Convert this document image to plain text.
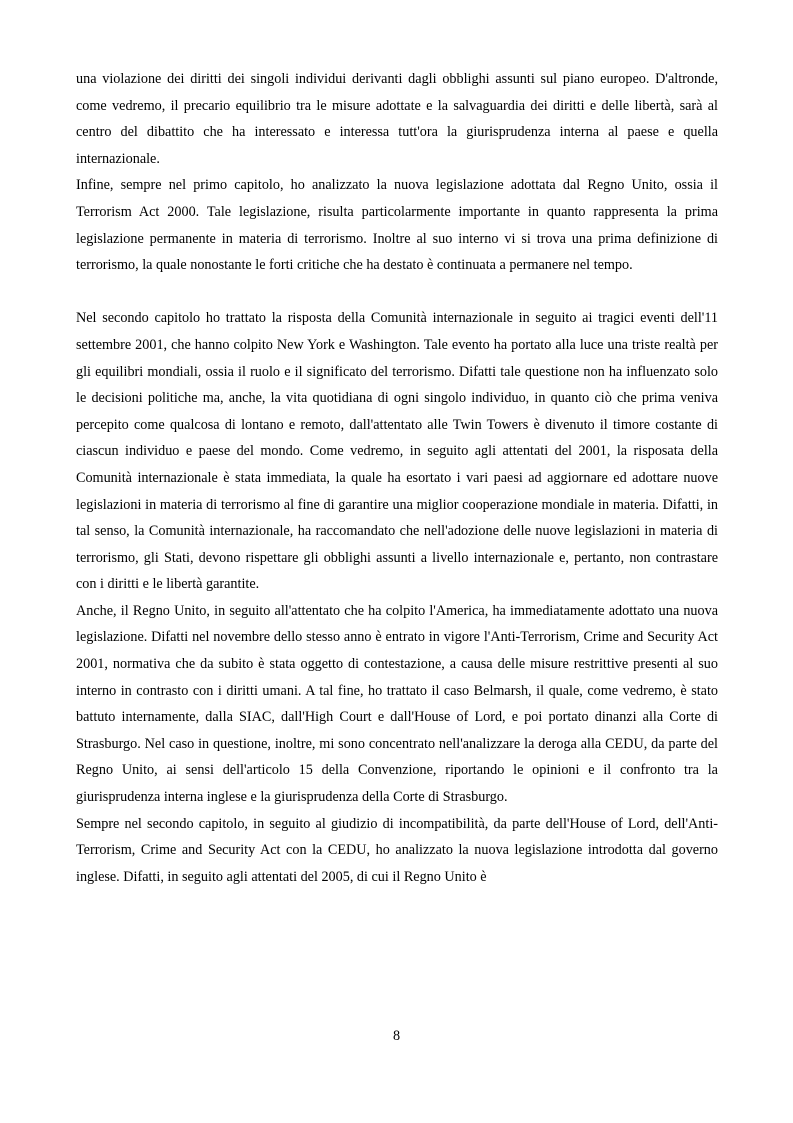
una violazione dei diritti dei singoli individui derivanti dagli obblighi assunti sul piano europeo. D'altronde, come vedremo, il precario equilibrio tra le misure adottate e la salvaguardia dei diritti e delle libertà, sarà al centro del dibattito che ha interessato e interessa tutt'ora la giurisprudenza interna al paese e quella internazionale.

Infine, sempre nel primo capitolo, ho analizzato la nuova legislazione adottata dal Regno Unito, ossia il Terrorism Act 2000. Tale legislazione, risulta particolarmente importante in quanto rappresenta la prima legislazione permanente in materia di terrorismo. Inoltre al suo interno vi si trova una prima definizione di terrorismo, la quale nonostante le forti critiche che ha destato è continuata a permanere nel tempo.

Nel secondo capitolo ho trattato la risposta della Comunità internazionale in seguito ai tragici eventi dell'11 settembre 2001, che hanno colpito New York e Washington. Tale evento ha portato alla luce una triste realtà per gli equilibri mondiali, ossia il ruolo e il significato del terrorismo. Difatti tale questione non ha influenzato solo le decisioni politiche ma, anche, la vita quotidiana di ogni singolo individuo, in quanto ciò che prima veniva percepito come qualcosa di lontano e remoto, dall'attentato alle Twin Towers è divenuto il timore costante di ciascun individuo e paese del mondo. Come vedremo, in seguito agli attentati del 2001, la risposata della Comunità internazionale è stata immediata, la quale ha esortato i vari paesi ad aggiornare ed adottare nuove legislazioni in materia di terrorismo al fine di garantire una miglior cooperazione mondiale in materia. Difatti, in tal senso, la Comunità internazionale, ha raccomandato che nell'adozione delle nuove legislazioni in materia di terrorismo, gli Stati, devono rispettare gli obblighi assunti a livello internazionale e, pertanto, non contrastare con i diritti e le libertà garantite.

Anche, il Regno Unito, in seguito all'attentato che ha colpito l'America, ha immediatamente adottato una nuova legislazione. Difatti nel novembre dello stesso anno è entrato in vigore l'Anti-Terrorism, Crime and Security Act 2001, normativa che da subito è stata oggetto di contestazione, a causa delle misure restrittive presenti al suo interno in contrasto con i diritti umani. A tal fine, ho trattato il caso Belmarsh, il quale, come vedremo, è stato battuto internamente, dalla SIAC, dall'High Court e dall'House of Lord, e poi portato dinanzi alla Corte di Strasburgo. Nel caso in questione, inoltre, mi sono concentrato nell'analizzare la deroga alla CEDU, da parte del Regno Unito, ai sensi dell'articolo 15 della Convenzione, riportando le opinioni e il confronto tra la giurisprudenza interna inglese e la giurisprudenza della Corte di Strasburgo.

Sempre nel secondo capitolo, in seguito al giudizio di incompatibilità, da parte dell'House of Lord, dell'Anti-Terrorism, Crime and Security Act con la CEDU, ho analizzato la nuova legislazione introdotta dal governo inglese. Difatti, in seguito agli attentati del 2005, di cui il Regno Unito è

8
